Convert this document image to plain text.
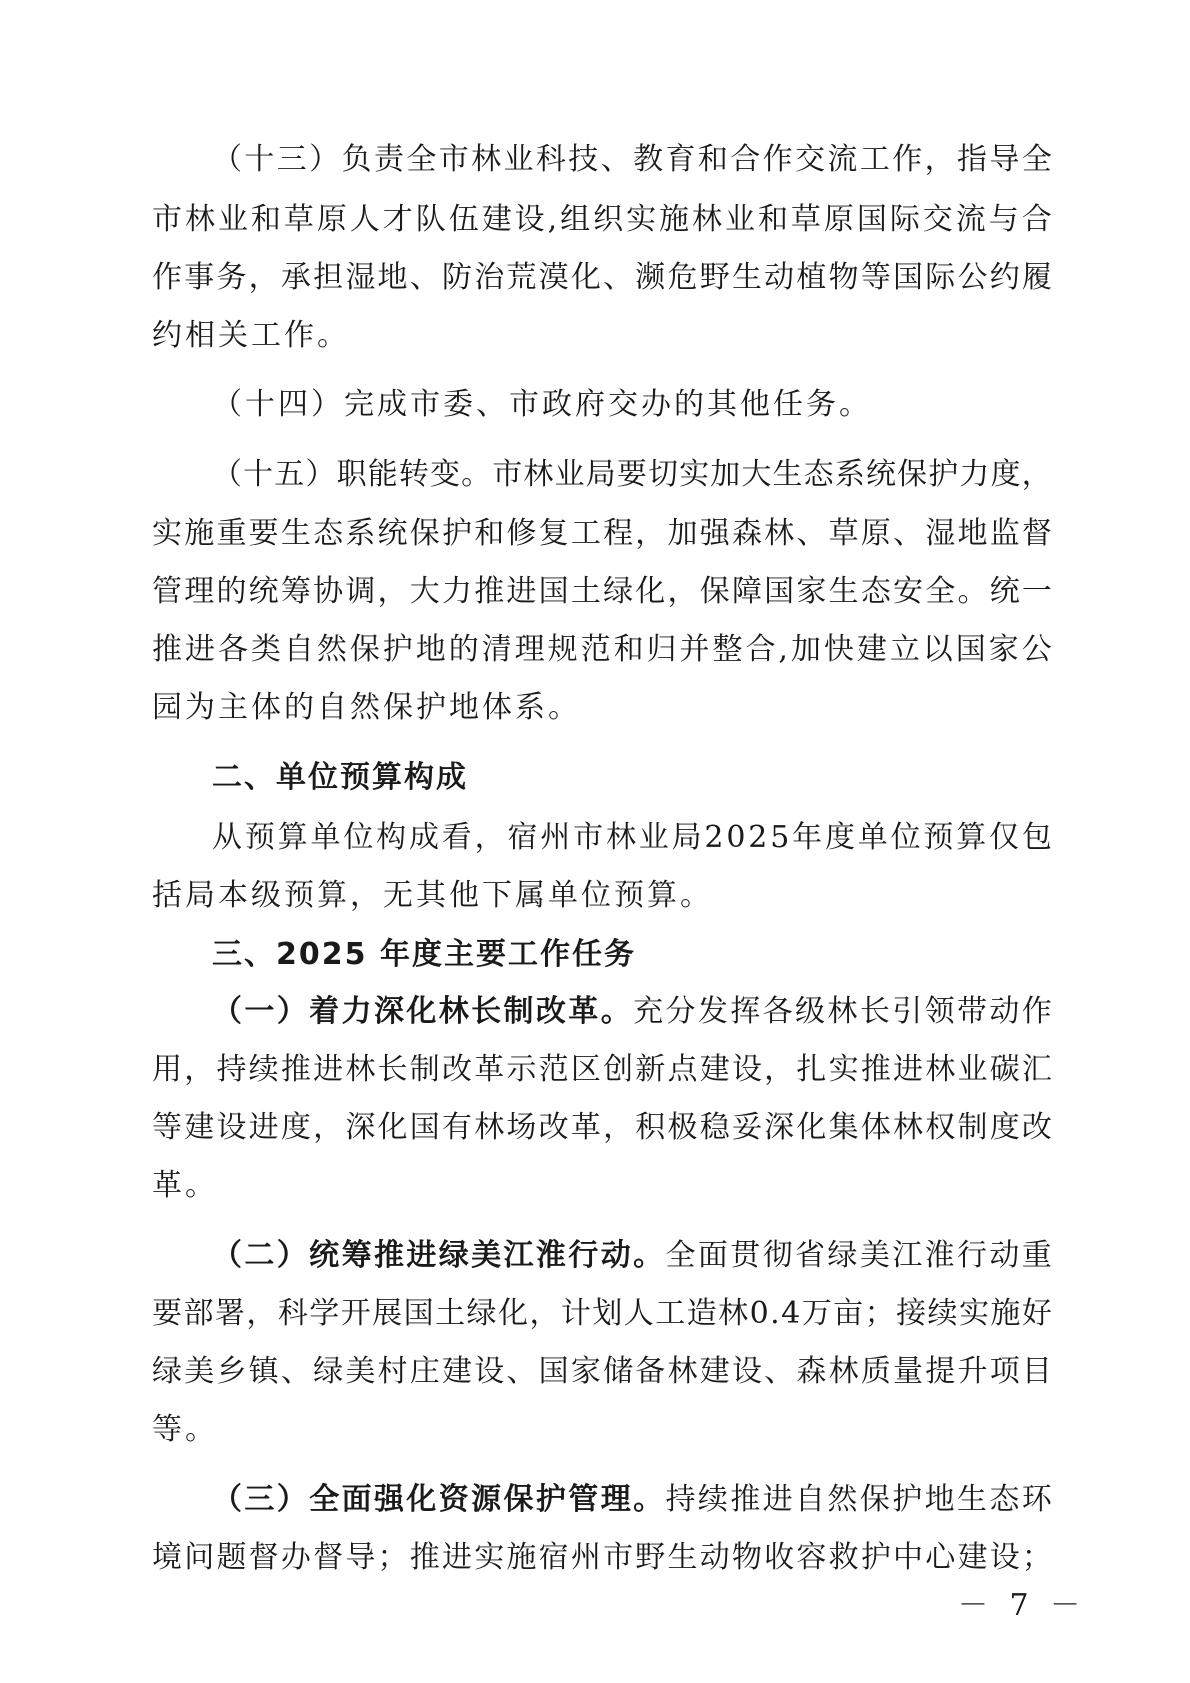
（ 十 三 ） 负 责 全 市 林 业 科 技 、 教 育 和 合 作 交 流 工 作 ， 指 导 全
市 林 业 和 草 原 人 才 队 伍 建 设 , 组 织 实 施 林 业 和 草 原 国 际 交 流 与 合
作 事 务 ， 承 担 湿 地 、 防 治 荒 漠 化 、 濒 危 野 生 动 植 物 等 国 际 公 约 履
约相关工作。
（十四）完成市委、市政府交办的其他任务。
（ 十 五 ） 职 能 转 变 。 市 林 业 局 要 切 实 加 大 生 态 系 统 保 护 力 度 ，
实 施 重 要 生 态 系 统 保 护 和 修 复 工 程 ， 加 强 森 林 、 草 原 、 湿 地 监 督
管 理 的 统 筹 协 调 ， 大 力 推 进 国 土 绿 化 ， 保 障 国 家 生 态 安 全 。 统 一
推 进 各 类 自 然 保 护 地 的 清 理 规 范 和 归 并 整 合 , 加 快 建 立 以 国 家 公
园为主体的自然保护地体系。
二、单位预算构成
从 预 算 单 位 构 成 看 ， 宿 州 市 林 业 局 2 0 2 5 年 度 单 位 预 算 仅 包
括局本级预算，无其他下属单位预算。
三、2025 年度主要工作任务
（ 一 ） 着 力 深 化 林 长 制 改 革 。 充 分 发 挥 各 级 林 长 引 领 带 动 作
用 ， 持 续 推 进 林 长 制 改 革 示 范 区 创 新 点 建 设 ， 扎 实 推 进 林 业 碳 汇
等 建 设 进 度 ， 深 化 国 有 林 场 改 革 ， 积 极 稳 妥 深 化 集 体 林 权 制 度 改
革。
（ 二 ） 统 筹 推 进 绿 美 江 淮 行 动 。 全 面 贯 彻 省 绿 美 江 淮 行 动 重
要 部 署 ， 科 学 开 展 国 土 绿 化 ， 计 划 人 工 造 林 0 . 4 万 亩 ； 接 续 实 施 好
绿 美 乡 镇 、 绿 美 村 庄 建 设 、 国 家 储 备 林 建 设 、 森 林 质 量 提 升 项 目
等。
（ 三 ） 全 面 强 化 资 源 保 护 管 理 。 持 续 推 进 自 然 保 护 地 生 态 环
境 问 题 督 办 督 导 ； 推 进 实 施 宿 州 市 野 生 动 物 收 容 救 护 中 心 建 设 ；
－ 7 －
